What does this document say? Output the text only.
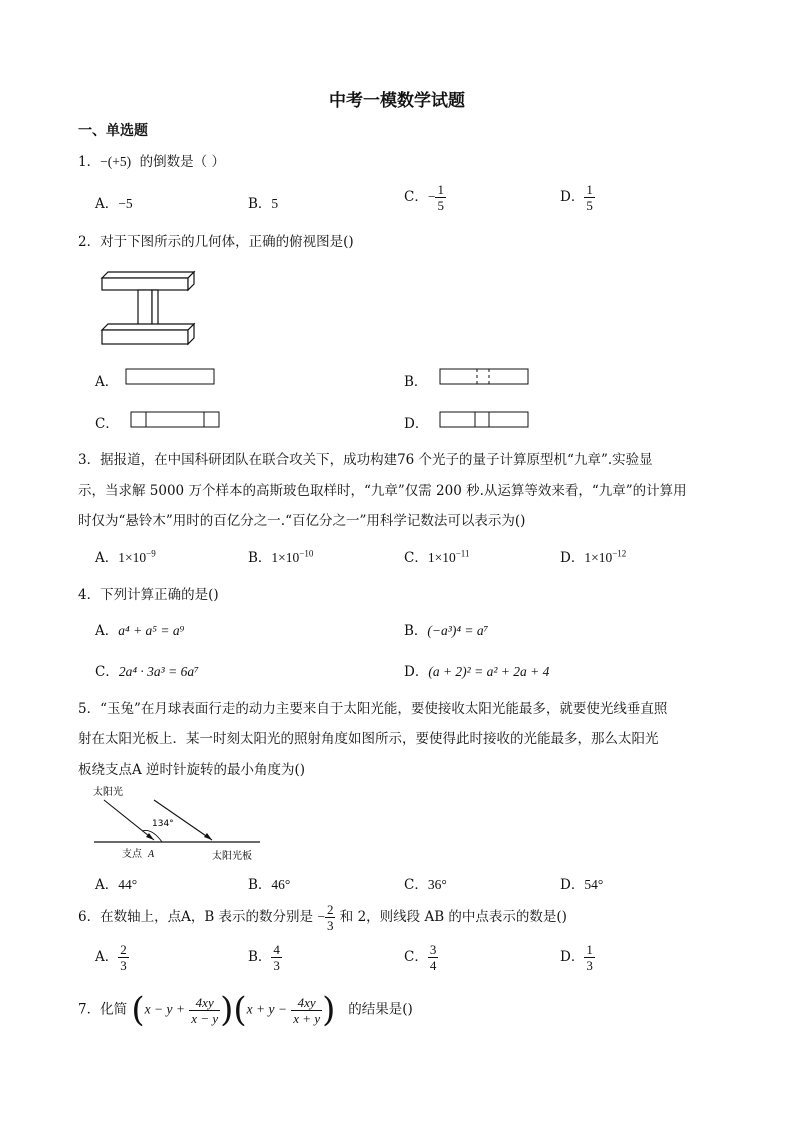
中考一模数学试题
一、单选题
1．−(+5) 的倒数是（ ）
A．−5	B．5	C．− $\frac{1}{5}$	D． $\frac{1}{5}$
2．对于下图所示的几何体，正确的俯视图是()
A．	B．
C．	D．
3．据报道，在中国科研团队在联合攻关下，成功构建76 个光子的量子计算原型机“九章”.实验显
示，当求解 5000 万个样本的高斯玻色取样时，“九章”仅需 200 秒.从运算等效来看，“九章”的计算用
时仅为“悬铃木”用时的百亿分之一.“百亿分之一”用科学记数法可以表示为()
A．$1\times 10^{-9}$	B．$1\times 10^{-10}$	C．$1\times 10^{-11}$	D．$1\times 10^{-12}$
4．下列计算正确的是()
A．a⁴ + a⁵ = a⁹	B．(−a³)⁴ = a⁷
C．2a⁴ · 3a³ = 6a⁷	D．(a + 2)² = a² + 2a + 4
5．“玉兔”在月球表面行走的动力主要来自于太阳光能，要使接收太阳光能最多，就要使光线垂直照
射在太阳光板上．某一时刻太阳光的照射角度如图所示，要使得此时接收的光能最多，那么太阳光
板绕支点A 逆时针旋转的最小角度为()
太阳光
134°
支点 A	太阳光板
A．44°	B．46°	C．36°	D．54°
6．在数轴上，点A，B 表示的数分别是 − $\frac{2}{3}$ 和 2，则线段 AB 的中点表示的数是()
A． $\frac{2}{3}$	B． $\frac{4}{3}$	C． $\frac{3}{4}$	D． $\frac{1}{3}$
7．化简 $(x - y + \frac{4xy}{x - y} )(x + y - \frac{4xy}{x + y}$ ) 的结果是()
